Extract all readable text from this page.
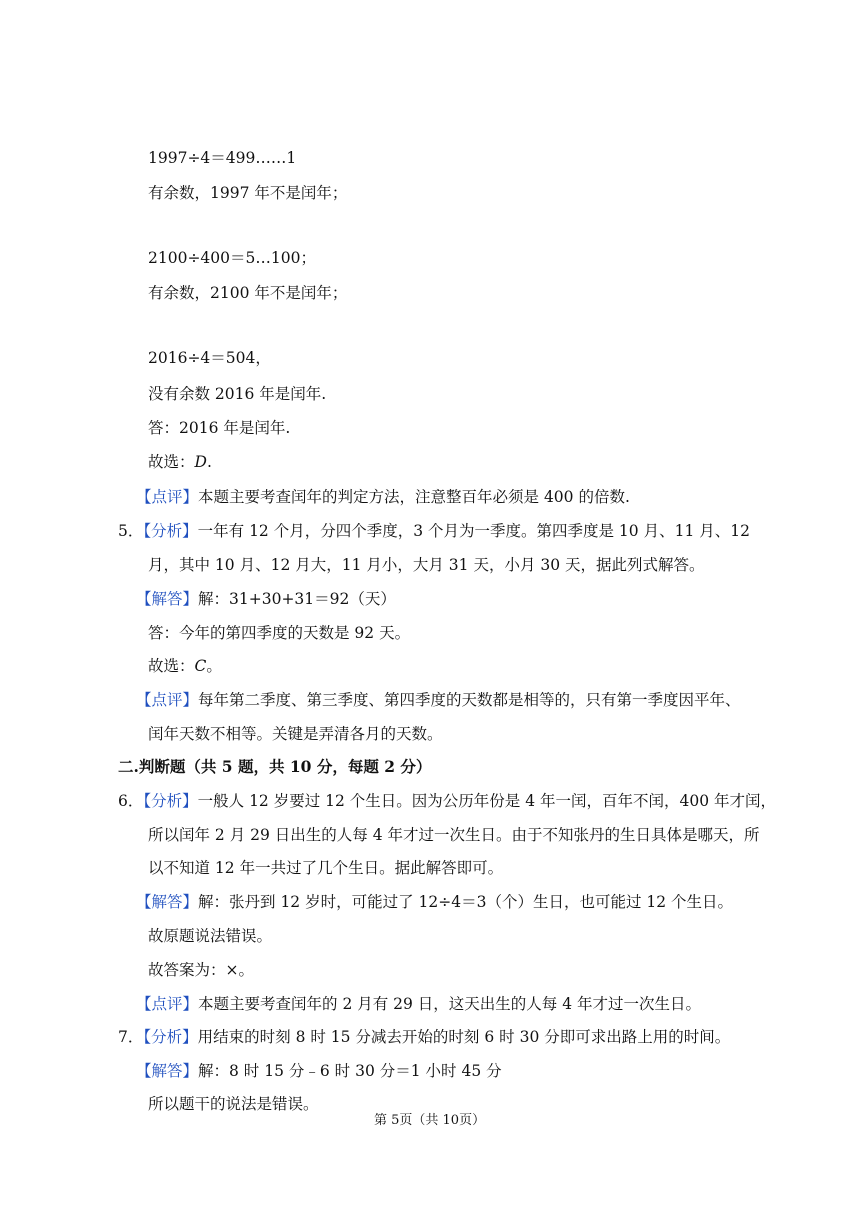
1997÷4＝499……1
有余数，1997 年不是闰年；
2100÷400＝5…100；
有余数，2100 年不是闰年；
2016÷4＝504，
没有余数 2016 年是闰年.
答：2016 年是闰年.
故选：D.
【点评】本题主要考查闰年的判定方法，注意整百年必须是 400 的倍数.
5．【分析】一年有 12 个月，分四个季度，3 个月为一季度。第四季度是 10 月、11 月、12
月，其中 10 月、12 月大，11 月小，大月 31 天，小月 30 天，据此列式解答。
【解答】解：31+30+31＝92（天）
答：今年的第四季度的天数是 92 天。
故选：C。
【点评】每年第二季度、第三季度、第四季度的天数都是相等的，只有第一季度因平年、
闰年天数不相等。关键是弄清各月的天数。
二.判断题（共 5 题，共 10 分，每题 2 分）
6．【分析】一般人 12 岁要过 12 个生日。因为公历年份是 4 年一闰，百年不闰，400 年才闰，
所以闰年 2 月 29 日出生的人每 4 年才过一次生日。由于不知张丹的生日具体是哪天，所
以不知道 12 年一共过了几个生日。据此解答即可。
【解答】解：张丹到 12 岁时，可能过了 12÷4＝3（个）生日，也可能过 12 个生日。
故原题说法错误。
故答案为：×。
【点评】本题主要考查闰年的 2 月有 29 日，这天出生的人每 4 年才过一次生日。
7．【分析】用结束的时刻 8 时 15 分减去开始的时刻 6 时 30 分即可求出路上用的时间。
【解答】解：8 时 15 分﹣6 时 30 分＝1 小时 45 分
所以题干的说法是错误。
第 5页（共 10页）
